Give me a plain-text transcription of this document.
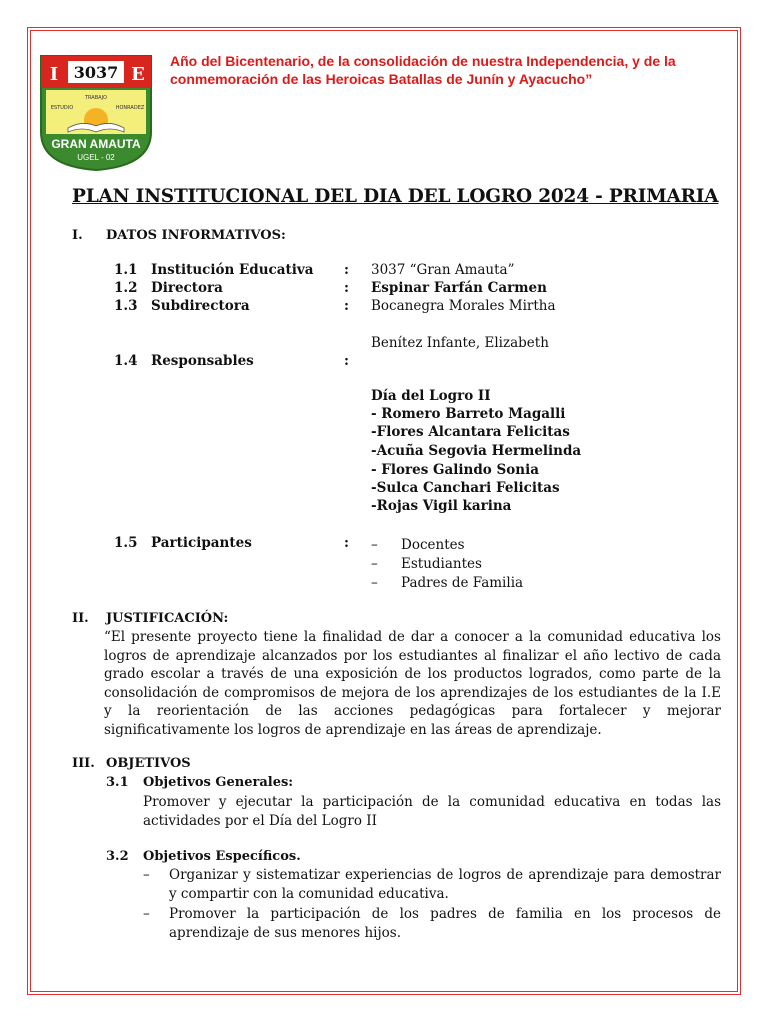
3037
I	E
ESTUDIO
TRABAJO
HONRADEZ
GRAN AMAUTA
UGEL - 02
Año del Bicentenario, de la consolidación de nuestra Independencia, y de la conmemoración de las Heroicas Batallas de Junín y Ayacucho”
PLAN INSTITUCIONAL DEL DIA DEL LOGRO 2024 - PRIMARIA
I. DATOS INFORMATIVOS:
1.1 Institución Educativa : 3037 “Gran Amauta”
1.2 Directora	: Espinar Farfán Carmen
1.3 Subdirectora	: Bocanegra Morales Mirtha
Benítez Infante, Elizabeth
1.4 Responsables	:
Día del Logro II
- Romero Barreto Magalli
-Flores Alcantara Felicitas
-Acuña Segovia Hermelinda
- Flores Galindo Sonia
-Sulca Canchari Felicitas
-Rojas Vigil karina
1.5 Participantes	: – Docentes
– Estudiantes
– Padres de Familia
II. JUSTIFICACIÓN:
“El presente proyecto tiene la finalidad de dar a conocer a la comunidad educativa los logros de aprendizaje alcanzados por los estudiantes al finalizar el año lectivo de cada grado escolar a través de una exposición de los productos logrados, como parte de la consolidación de compromisos de mejora de los aprendizajes de los estudiantes de la I.E y la reorientación de las acciones pedagógicas para fortalecer y mejorar significativamente los logros de aprendizaje en las áreas de aprendizaje.
III. OBJETIVOS
3.1 Objetivos Generales:
Promover y ejecutar la participación de la comunidad educativa en todas las actividades por el Día del Logro II
3.2 Objetivos Específicos.
– Organizar y sistematizar experiencias de logros de aprendizaje para demostrar y compartir con la comunidad educativa.
– Promover la participación de los padres de familia en los procesos de aprendizaje de sus menores hijos.
